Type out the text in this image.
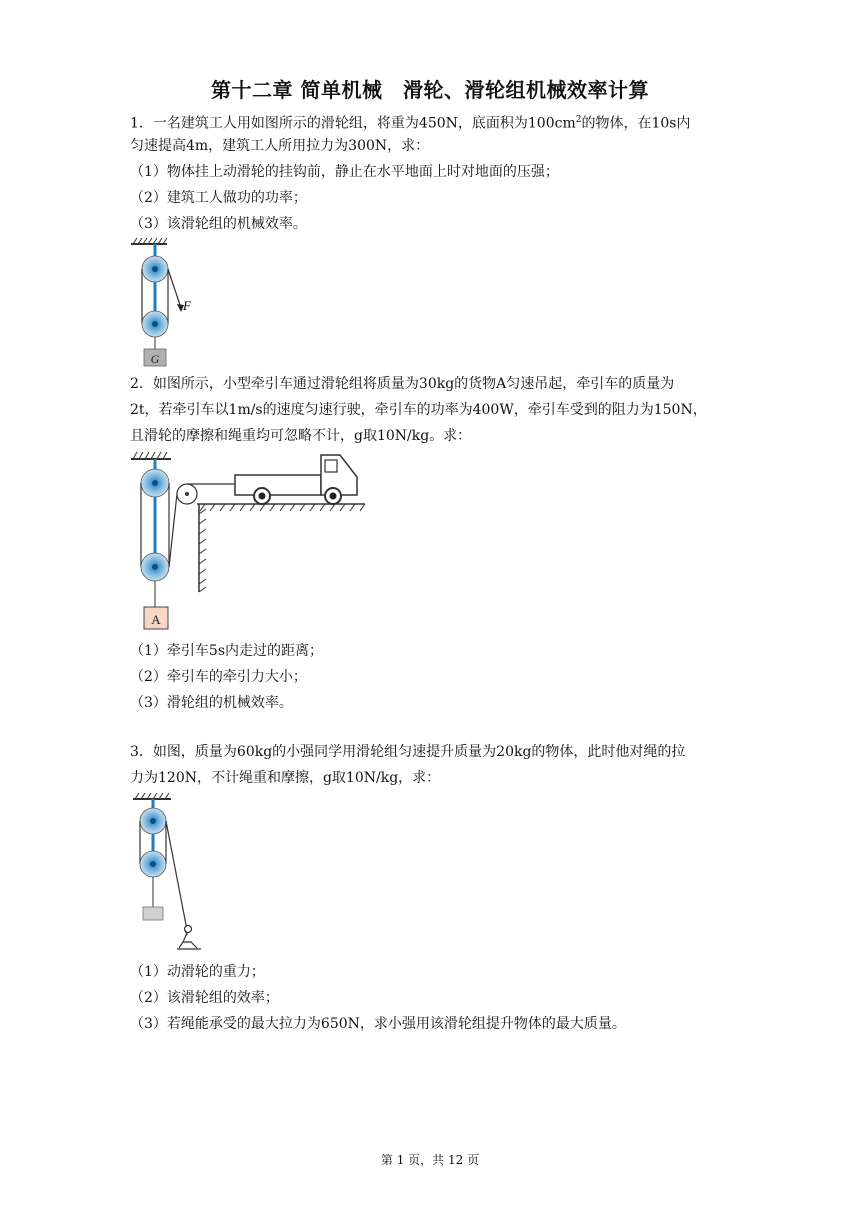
第十二章 简单机械　滑轮、滑轮组机械效率计算
1．一名建筑工人用如图所示的滑轮组，将重为450N，底面积为$100cm^2$的物体，在10s内
匀速提高4m，建筑工人所用拉力为300N，求：
（1）物体挂上动滑轮的挂钩前，静止在水平地面上时对地面的压强；
（2）建筑工人做功的功率；
（3）该滑轮组的机械效率。
F
G
2．如图所示，小型牵引车通过滑轮组将质量为30kg的货物A匀速吊起，牵引车的质量为
2t，若牵引车以1m/s的速度匀速行驶，牵引车的功率为400W，牵引车受到的阻力为150N，
且滑轮的摩擦和绳重均可忽略不计，g取10N/kg。求：
A
（1）牵引车5s内走过的距离；
（2）牵引车的牵引力大小；
（3）滑轮组的机械效率。
3．如图，质量为60kg的小强同学用滑轮组匀速提升质量为20kg的物体，此时他对绳的拉
力为120N，不计绳重和摩擦，g取10N/kg，求：
（1）动滑轮的重力；
（2）该滑轮组的效率；
（3）若绳能承受的最大拉力为650N，求小强用该滑轮组提升物体的最大质量。
第 1 页，共 12 页
